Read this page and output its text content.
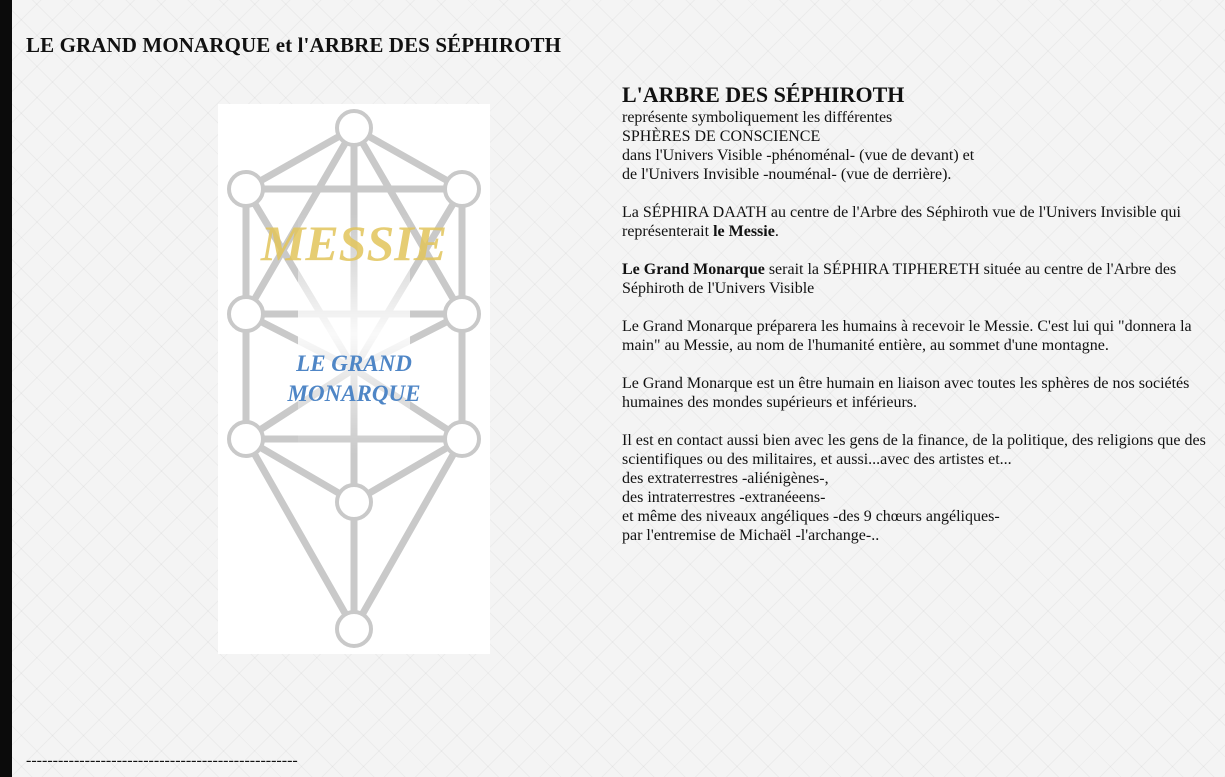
LE GRAND MONARQUE et l'ARBRE DES SÉPHIROTH
MESSIE
LE GRAND
MONARQUE

L'ARBRE DES SÉPHIROTH
représente symboliquement les différentes
SPHÈRES DE CONSCIENCE
dans l'Univers Visible -phénoménal- (vue de devant) et
de l'Univers Invisible -nouménal- (vue de derrière).

La SÉPHIRA DAATH au centre de l'Arbre des Séphiroth vue de l'Univers Invisible qui représenterait le Messie.

Le Grand Monarque serait la SÉPHIRA TIPHERETH située au centre de l'Arbre des Séphiroth de l'Univers Visible

Le Grand Monarque préparera les humains à recevoir le Messie. C'est lui qui "donnera la main" au Messie, au nom de l'humanité entière, au sommet d'une montagne.

Le Grand Monarque est un être humain en liaison avec toutes les sphères de nos sociétés humaines des mondes supérieurs et inférieurs.

Il est en contact aussi bien avec les gens de la finance, de la politique, des religions que des scientifiques ou des militaires, et aussi...avec des artistes et...
des extraterrestres -aliénigènes-,
des intraterrestres -extranéeens-
et même des niveaux angéliques -des 9 chœurs angéliques-
par l'entremise de Michaël -l'archange-..

---------------------------------------------------
